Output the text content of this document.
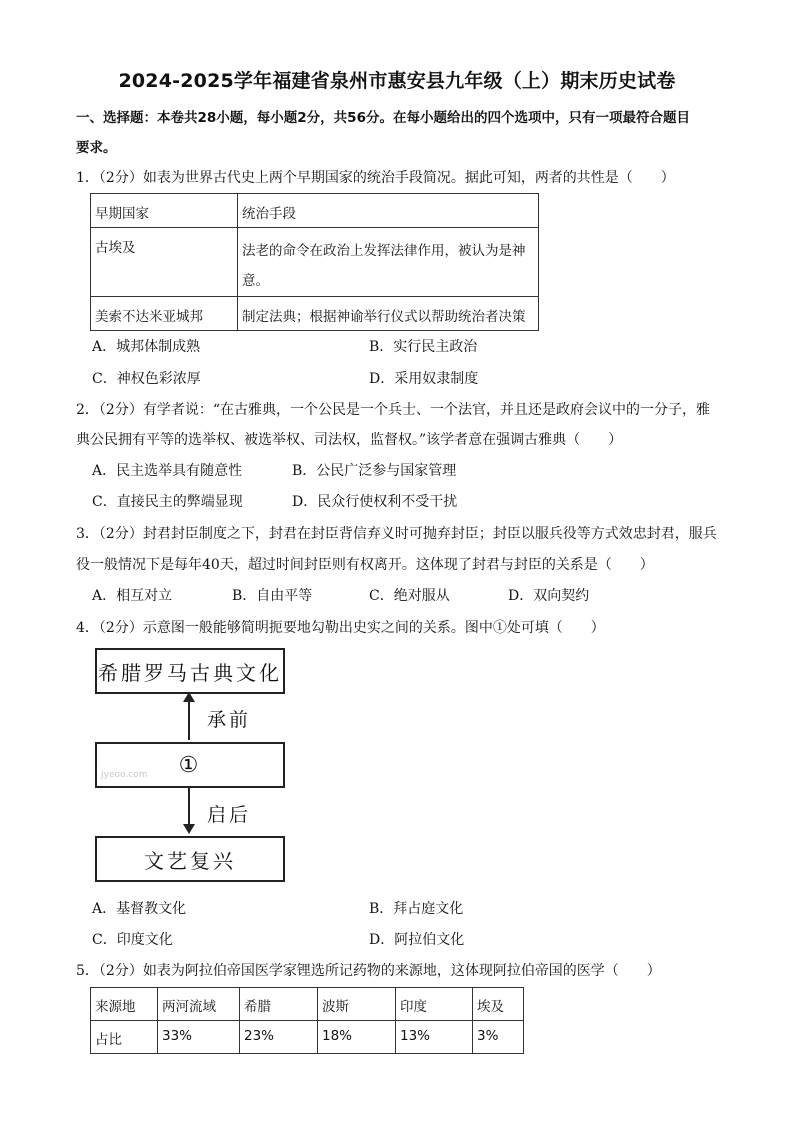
2024-2025学年福建省泉州市惠安县九年级（上）期末历史试卷
一、选择题：本卷共28小题，每小题2分，共56分。在每小题给出的四个选项中，只有一项最符合题目
要求。
1．（2分）如表为世界古代史上两个早期国家的统治手段简况。据此可知，两者的共性是（　　）
早期国家	统治手段
古埃及	法老的命令在政治上发挥法律作用，被认为是神
意。
美索不达米亚城邦	制定法典；根据神谕举行仪式以帮助统治者决策
A．城邦体制成熟	B．实行民主政治
C．神权色彩浓厚	D．采用奴隶制度
2．（2分）有学者说：“在古雅典，一个公民是一个兵士、一个法官，并且还是政府会议中的一分子，雅
典公民拥有平等的选举权、被选举权、司法权，监督权。”该学者意在强调古雅典（　　）
A．民主选举具有随意性	B．公民广泛参与国家管理
C．直接民主的弊端显现	D．民众行使权利不受干扰
3．（2分）封君封臣制度之下，封君在封臣背信弃义时可抛弃封臣；封臣以服兵役等方式效忠封君，服兵
役一般情况下是每年40天，超过时间封臣则有权离开。这体现了封君与封臣的关系是（　　）
A．相互对立	B．自由平等	C．绝对服从	D．双向契约
4．（2分）示意图一般能够简明扼要地勾勒出史实之间的关系。图中①处可填（　　）
希腊罗马古典文化
承前
①
Jyeoo.com
启后
文艺复兴
A．基督教文化	B．拜占庭文化
C．印度文化	D．阿拉伯文化
5．（2分）如表为阿拉伯帝国医学家锂选所记药物的来源地，这体现阿拉伯帝国的医学（　　）
来源地	两河流域	希腊	波斯	印度	埃及
占比	33%	23%	18%	13%	3%
